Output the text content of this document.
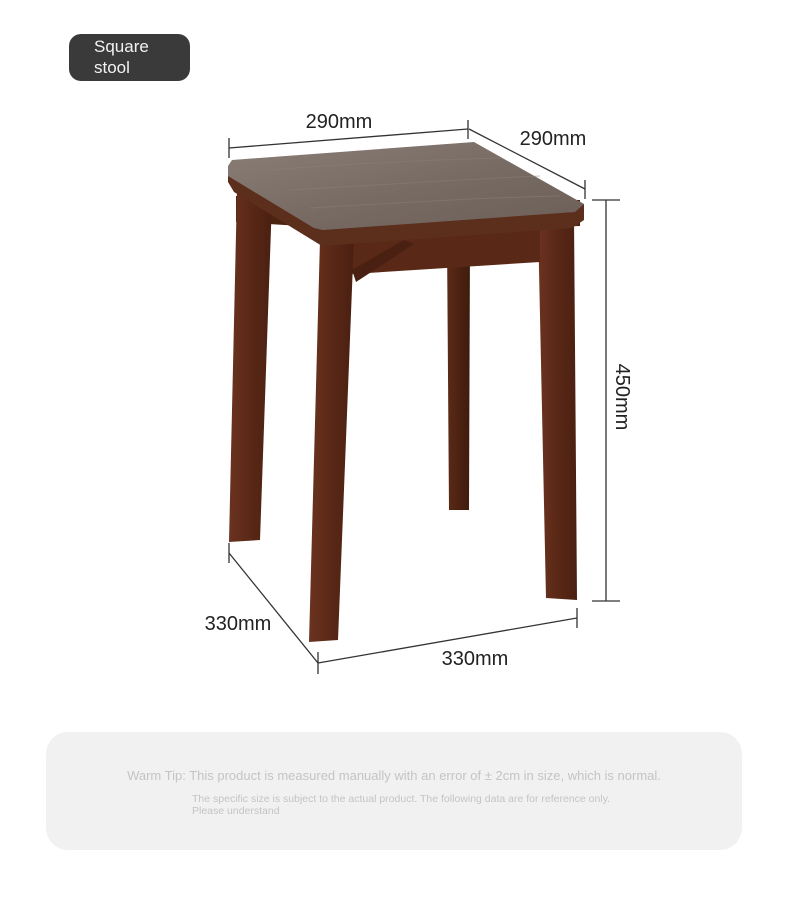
Square
stool
290mm
290mm
450mm
330mm
330mm
Warm Tip: This product is measured manually with an error of ± 2cm in size, which is normal.
The specific size is subject to the actual product. The following data are for reference only.
Please understand
